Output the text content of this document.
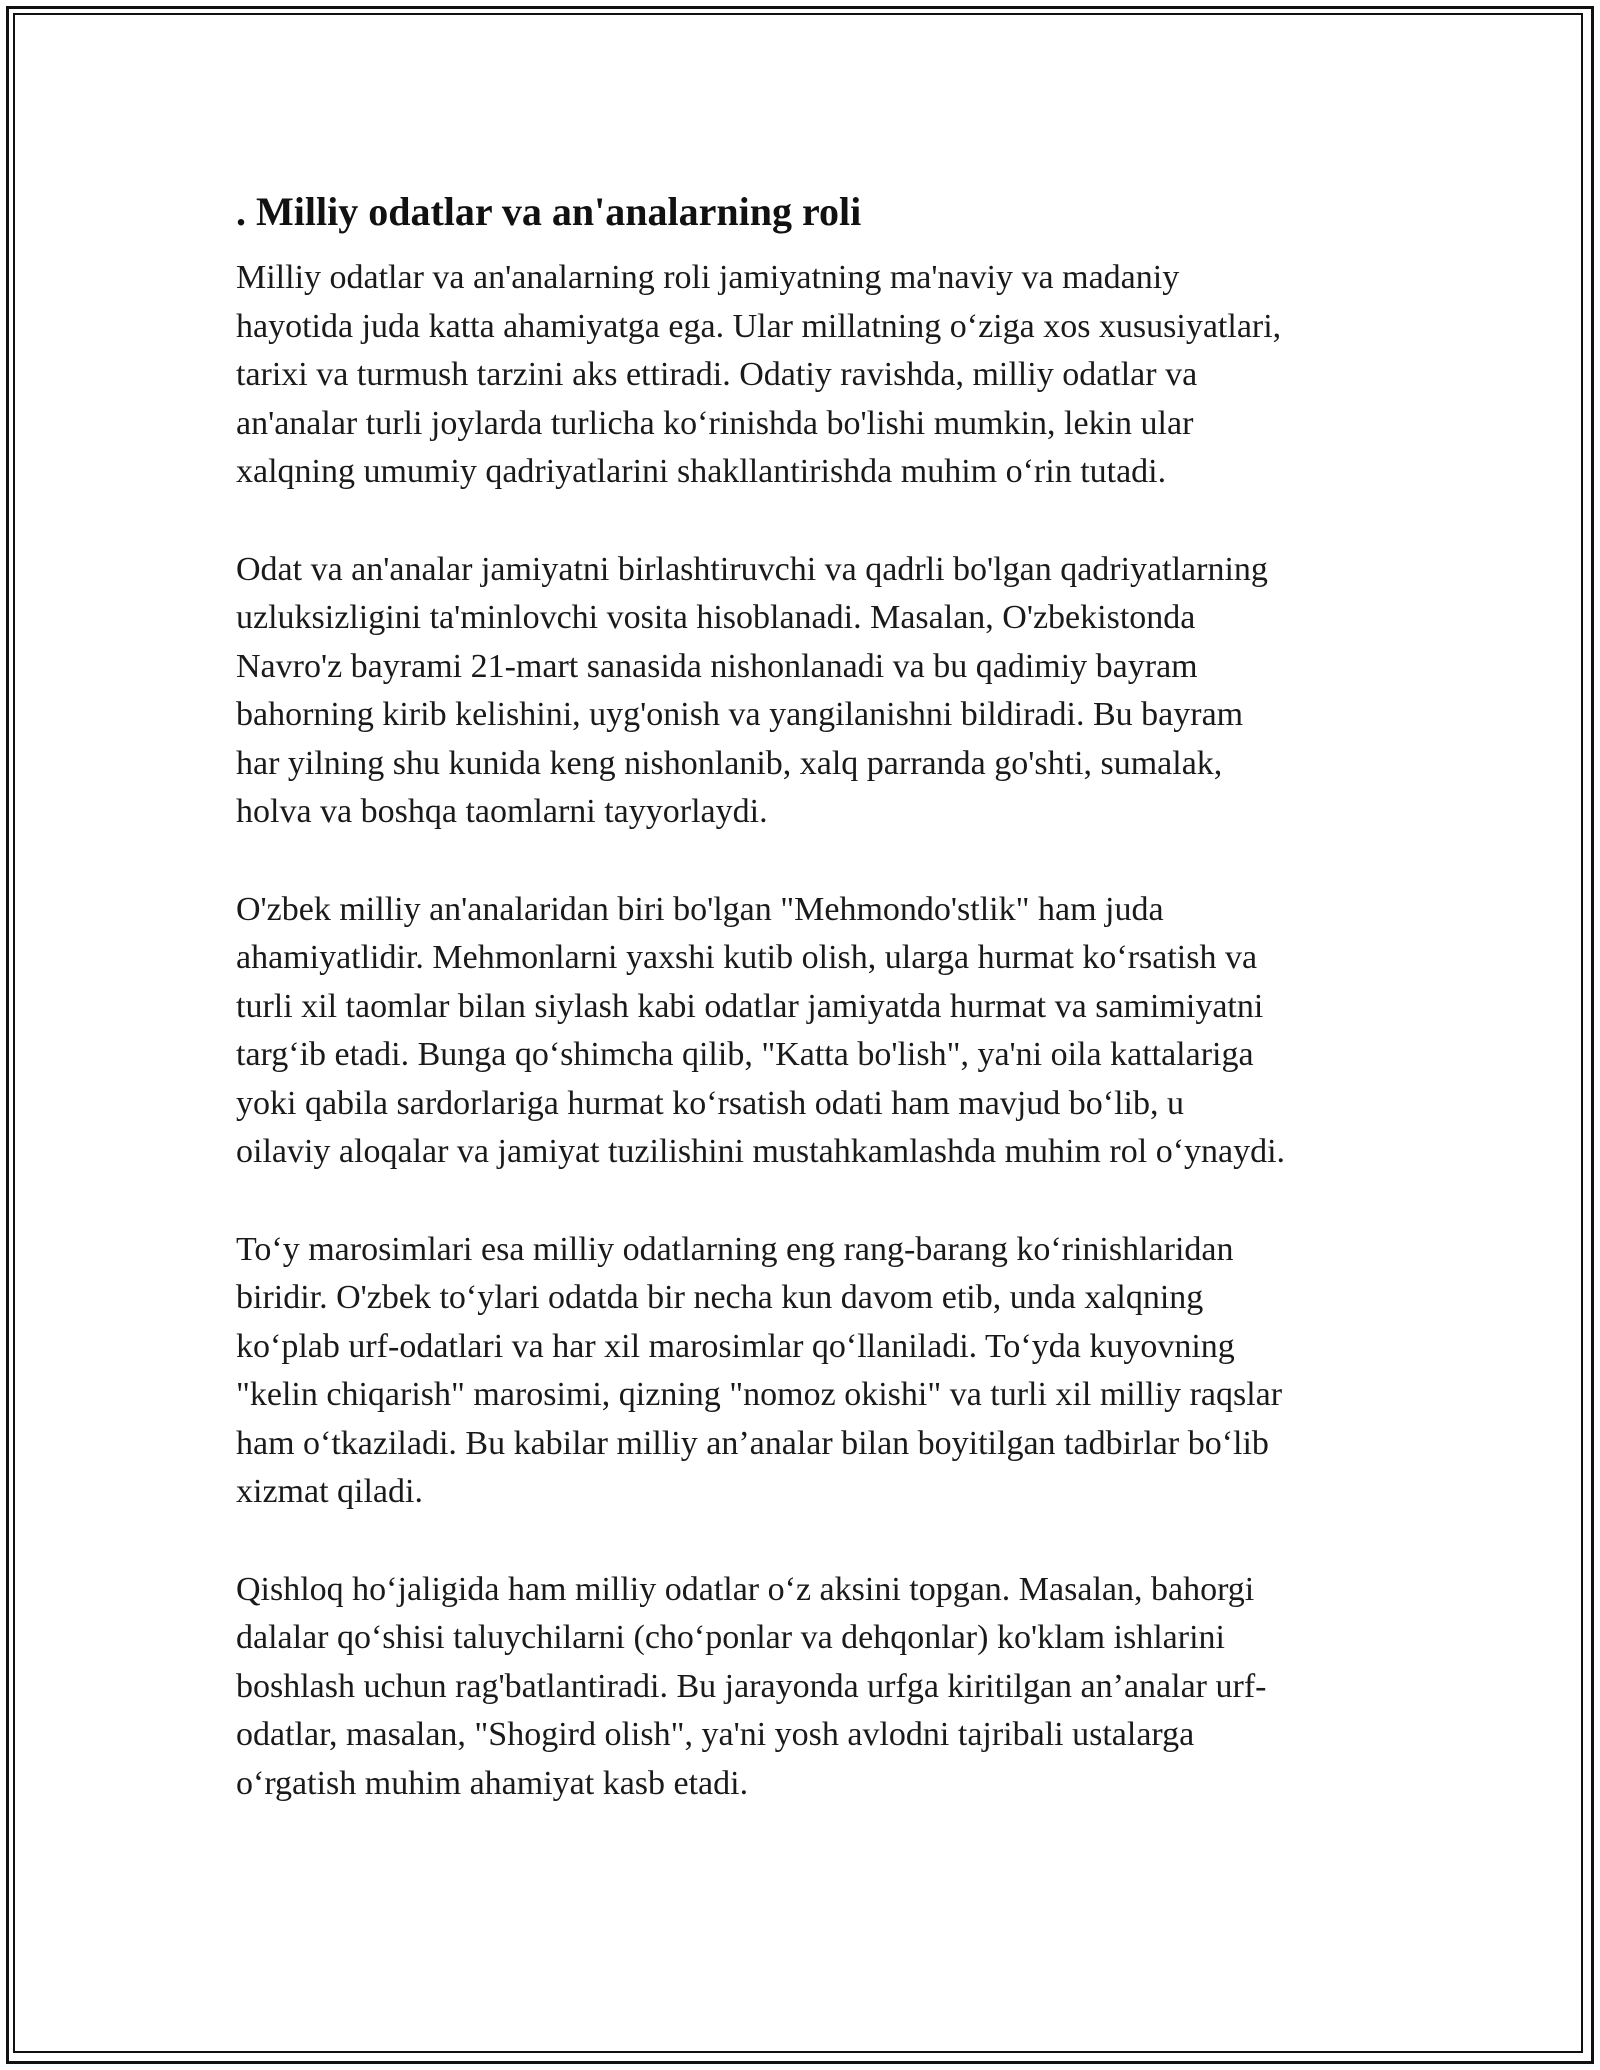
. Milliy odatlar va an'analarning roli

Milliy odatlar va an'analarning roli jamiyatning ma'naviy va madaniy
hayotida juda katta ahamiyatga ega. Ular millatning o‘ziga xos xususiyatlari,
tarixi va turmush tarzini aks ettiradi. Odatiy ravishda, milliy odatlar va
an'analar turli joylarda turlicha ko‘rinishda bo'lishi mumkin, lekin ular
xalqning umumiy qadriyatlarini shakllantirishda muhim o‘rin tutadi.

Odat va an'analar jamiyatni birlashtiruvchi va qadrli bo'lgan qadriyatlarning
uzluksizligini ta'minlovchi vosita hisoblanadi. Masalan, O'zbekistonda
Navro'z bayrami 21-mart sanasida nishonlanadi va bu qadimiy bayram
bahorning kirib kelishini, uyg'onish va yangilanishni bildiradi. Bu bayram
har yilning shu kunida keng nishonlanib, xalq parranda go'shti, sumalak,
holva va boshqa taomlarni tayyorlaydi.

O'zbek milliy an'analaridan biri bo'lgan "Mehmondo'stlik" ham juda
ahamiyatlidir. Mehmonlarni yaxshi kutib olish, ularga hurmat ko‘rsatish va
turli xil taomlar bilan siylash kabi odatlar jamiyatda hurmat va samimiyatni
targ‘ib etadi. Bunga qo‘shimcha qilib, "Katta bo'lish", ya'ni oila kattalariga
yoki qabila sardorlariga hurmat ko‘rsatish odati ham mavjud bo‘lib, u
oilaviy aloqalar va jamiyat tuzilishini mustahkamlashda muhim rol o‘ynaydi.

To‘y marosimlari esa milliy odatlarning eng rang-barang ko‘rinishlaridan
biridir. O'zbek to‘ylari odatda bir necha kun davom etib, unda xalqning
ko‘plab urf-odatlari va har xil marosimlar qo‘llaniladi. To‘yda kuyovning
"kelin chiqarish" marosimi, qizning "nomoz okishi" va turli xil milliy raqslar
ham o‘tkaziladi. Bu kabilar milliy an’analar bilan boyitilgan tadbirlar bo‘lib
xizmat qiladi.

Qishloq ho‘jaligida ham milliy odatlar o‘z aksini topgan. Masalan, bahorgi
dalalar qo‘shisi taluychilarni (cho‘ponlar va dehqonlar) ko'klam ishlarini
boshlash uchun rag'batlantiradi. Bu jarayonda urfga kiritilgan an’analar urf-
odatlar, masalan, "Shogird olish", ya'ni yosh avlodni tajribali ustalarga
o‘rgatish muhim ahamiyat kasb etadi.
